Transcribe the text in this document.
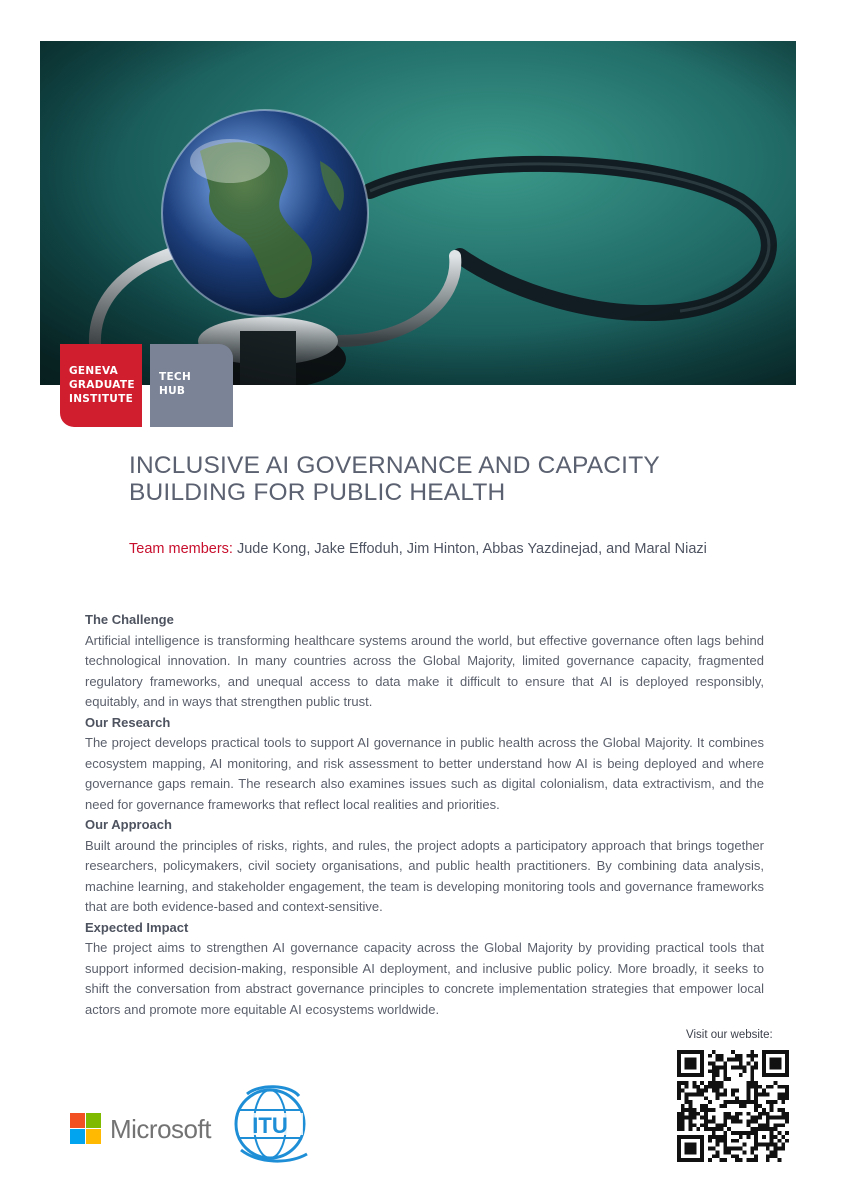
GENEVA
GRADUATE
INSTITUTE
TECH
HUB
INCLUSIVE AI GOVERNANCE AND CAPACITY BUILDING FOR PUBLIC HEALTH
Team members: Jude Kong, Jake Effoduh, Jim Hinton, Abbas Yazdinejad, and Maral Niazi
The Challenge

Artificial intelligence is transforming healthcare systems around the world, but effective governance often lags behind technological innovation. In many countries across the Global Majority, limited governance capacity, fragmented regulatory frameworks, and unequal access to data make it difficult to ensure that AI is deployed responsibly, equitably, and in ways that strengthen public trust.

Our Research

The project develops practical tools to support AI governance in public health across the Global Majority. It combines ecosystem mapping, AI monitoring, and risk assessment to better understand how AI is being deployed and where governance gaps remain. The research also examines issues such as digital colonialism, data extractivism, and the need for governance frameworks that reflect local realities and priorities.

Our Approach

Built around the principles of risks, rights, and rules, the project adopts a participatory approach that brings together researchers, policymakers, civil society organisations, and public health practitioners. By combining data analysis, machine learning, and stakeholder engagement, the team is developing monitoring tools and governance frameworks that are both evidence-based and context-sensitive.

Expected Impact

The project aims to strengthen AI governance capacity across the Global Majority by providing practical tools that support informed decision-making, responsible AI deployment, and inclusive public policy. More broadly, it seeks to shift the conversation from abstract governance principles to concrete implementation strategies that empower local actors and promote more equitable AI ecosystems worldwide.

Visit our website:
Microsoft ITU
